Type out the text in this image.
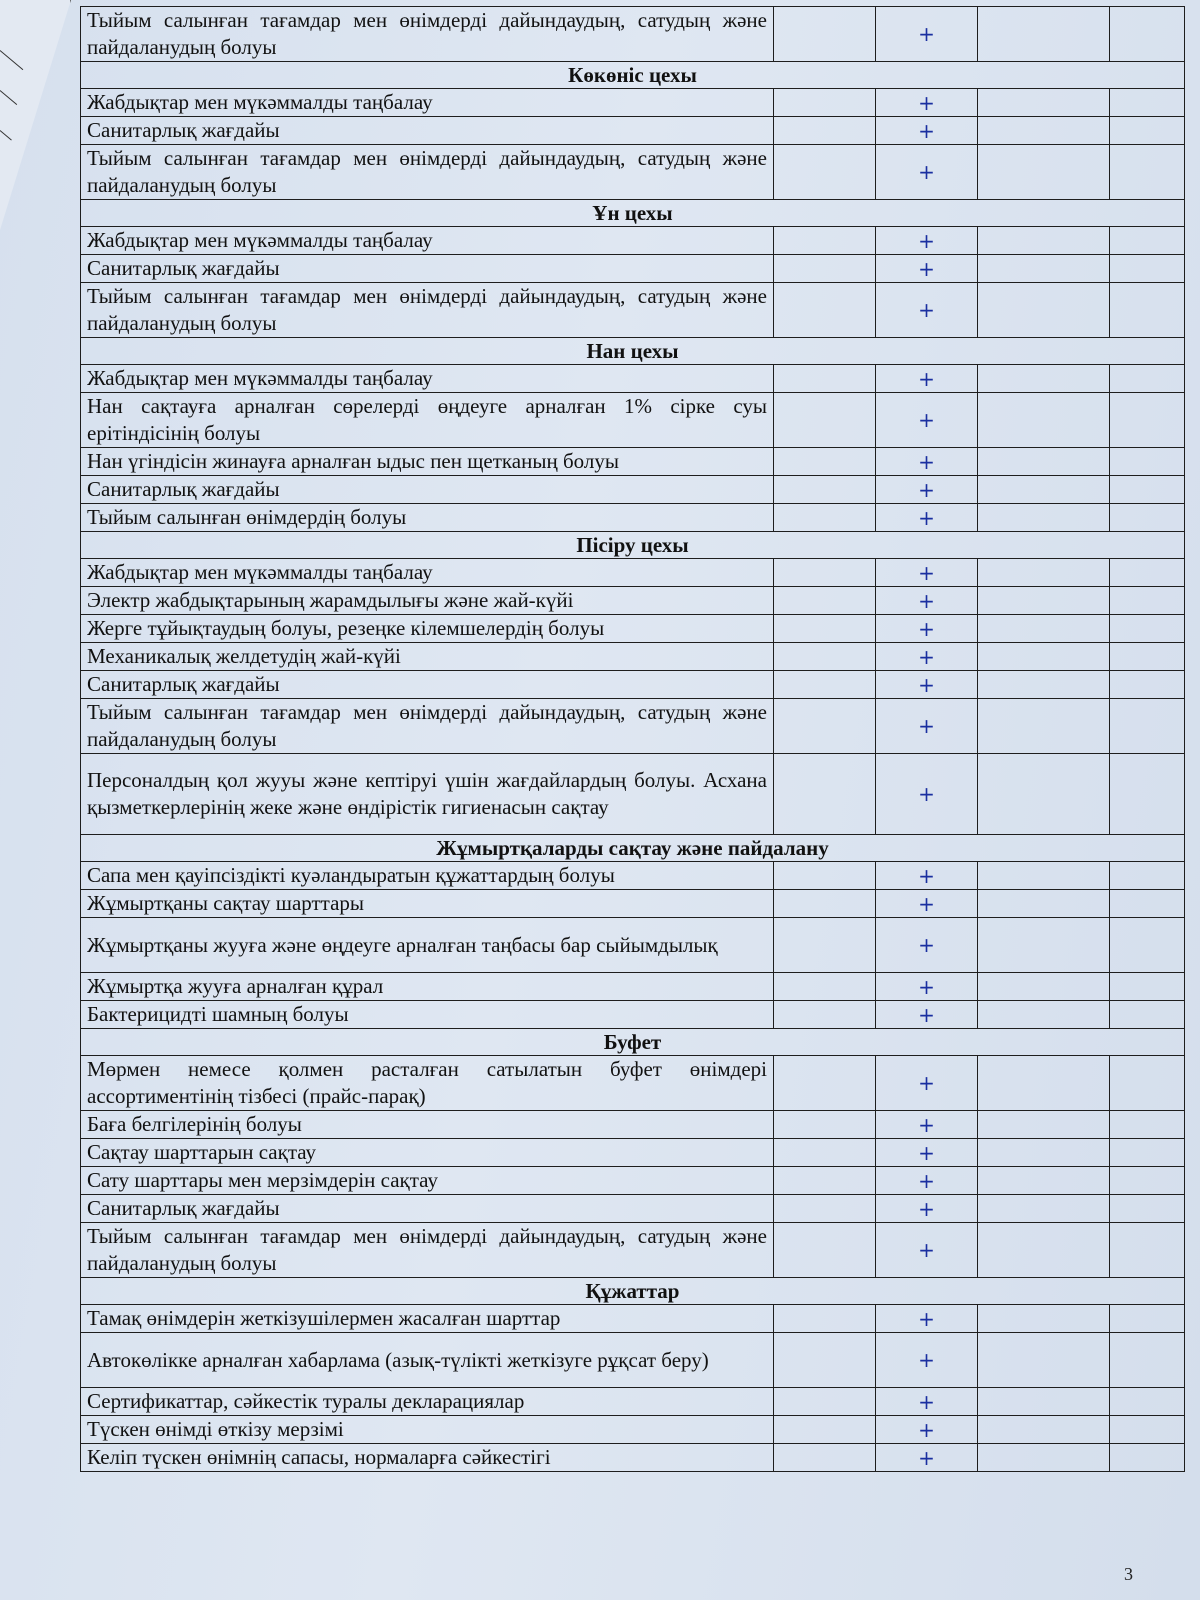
Тыйым салынған тағамдар мен өнімдерді дайындаудың, сатудың және пайдаланудың болуы		+		
Көкөніс цехы				
Жабдықтар мен мүкәммалды таңбалау		+		
Санитарлық жағдайы		+		
Тыйым салынған тағамдар мен өнімдерді дайындаудың, сатудың және пайдаланудың болуы		+		
Ұн цехы				
Жабдықтар мен мүкәммалды таңбалау		+		
Санитарлық жағдайы		+		
Тыйым салынған тағамдар мен өнімдерді дайындаудың, сатудың және пайдаланудың болуы		+		
Нан цехы				
Жабдықтар мен мүкәммалды таңбалау		+		
Нан сақтауға арналған сөрелерді өңдеуге арналған 1% сірке суы ерітіндісінің болуы		+		
Нан үгіндісін жинауға арналған ыдыс пен щетканың болуы		+		
Санитарлық жағдайы		+		
Тыйым салынған өнімдердің болуы		+		
Пісіру цехы				
Жабдықтар мен мүкәммалды таңбалау		+		
Электр жабдықтарының жарамдылығы және жай-күйі		+		
Жерге тұйықтаудың болуы, резеңке кілемшелердің болуы		+		
Механикалық желдетудің жай-күйі		+		
Санитарлық жағдайы		+		
Тыйым салынған тағамдар мен өнімдерді дайындаудың, сатудың және пайдаланудың болуы		+		
Персоналдың қол жууы және кептіруі үшін жағдайлардың болуы. Асхана қызметкерлерінің жеке және өндірістік гигиенасын сақтау		+		
Жұмыртқаларды сақтау және пайдалану				
Сапа мен қауіпсіздікті куәландыратын құжаттардың болуы		+		
Жұмыртқаны сақтау шарттары		+		
Жұмыртқаны жууға және өңдеуге арналған таңбасы бар сыйымдылық		+		
Жұмыртқа жууға арналған құрал		+		
Бактерицидті шамның болуы		+		
Буфет				
Мөрмен немесе қолмен расталған сатылатын буфет өнімдері ассортиментінің тізбесі (прайс-парақ)		+		
Баға белгілерінің болуы		+		
Сақтау шарттарын сақтау		+		
Сату шарттары мен мерзімдерін сақтау		+		
Санитарлық жағдайы		+		
Тыйым салынған тағамдар мен өнімдерді дайындаудың, сатудың және пайдаланудың болуы		+		
Құжаттар				
Тамақ өнімдерін жеткізушілермен жасалған шарттар		+		
Автокөлікке арналған хабарлама (азық-түлікті жеткізуге рұқсат беру)		+		
Сертификаттар, сәйкестік туралы декларациялар		+		
Түскен өнімді өткізу мерзімі		+		
Келіп түскен өнімнің сапасы, нормаларға сәйкестігі		+		
3
